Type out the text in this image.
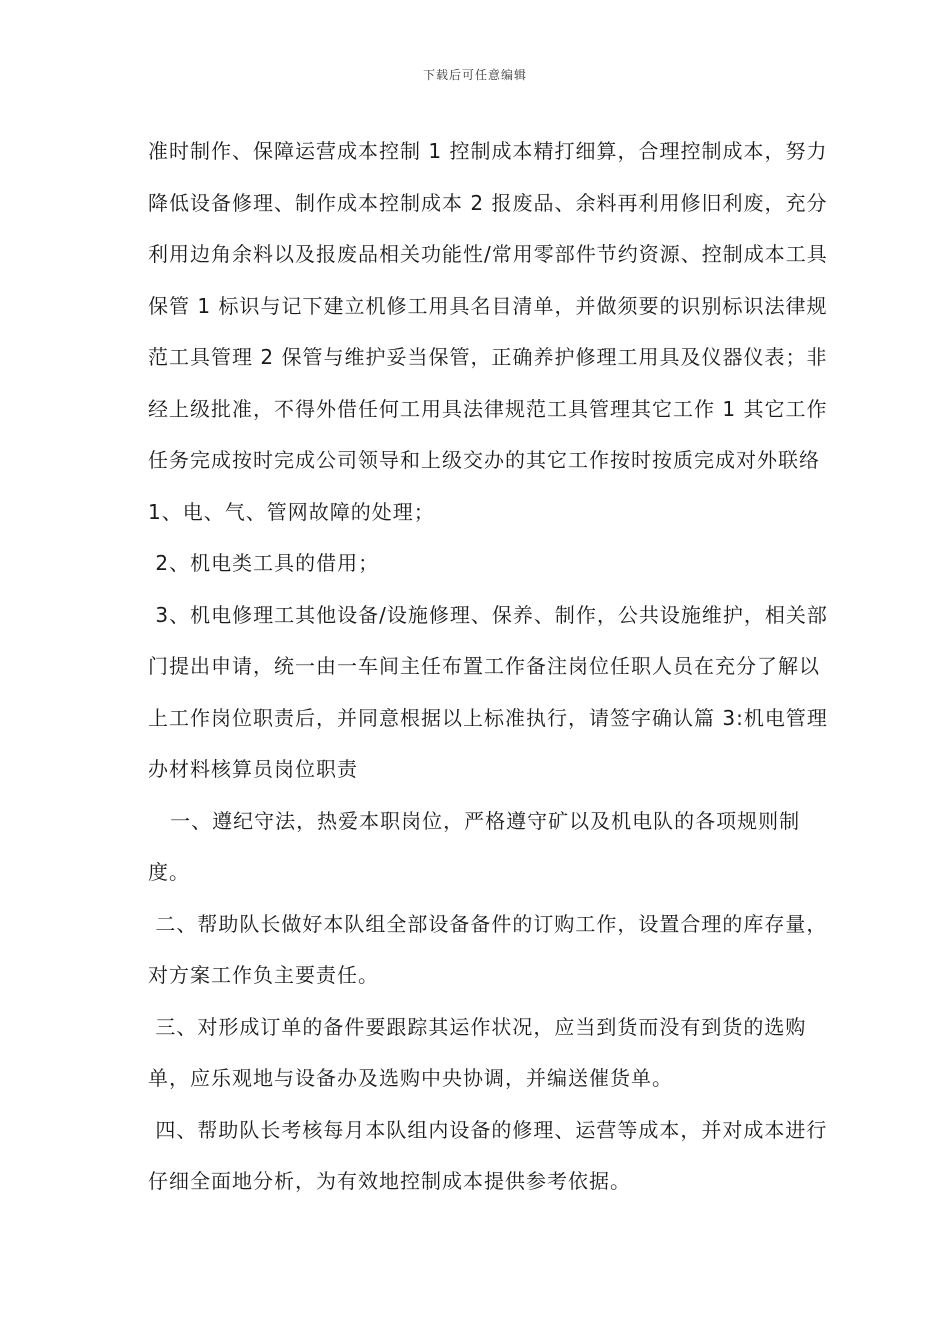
下载后可任意编辑

准时制作、保障运营成本控制 1 控制成本精打细算，合理控制成本，努力降低设备修理、制作成本控制成本 2 报废品、余料再利用修旧利废，充分利用边角余料以及报废品相关功能性/常用零部件节约资源、控制成本工具保管 1 标识与记下建立机修工用具名目清单，并做须要的识别标识法律规范工具管理 2 保管与维护妥当保管，正确养护修理工用具及仪器仪表；非经上级批准，不得外借任何工用具法律规范工具管理其它工作 1 其它工作任务完成按时完成公司领导和上级交办的其它工作按时按质完成对外联络 1、电、气、管网故障的处理；

2、机电类工具的借用；

3、机电修理工其他设备/设施修理、保养、制作，公共设施维护，相关部门提出申请，统一由一车间主任布置工作备注岗位任职人员在充分了解以上工作岗位职责后，并同意根据以上标准执行，请签字确认篇 3:机电管理办材料核算员岗位职责

一、遵纪守法，热爱本职岗位，严格遵守矿以及机电队的各项规则制度。

二、帮助队长做好本队组全部设备备件的订购工作，设置合理的库存量，对方案工作负主要责任。

三、对形成订单的备件要跟踪其运作状况，应当到货而没有到货的选购单，应乐观地与设备办及选购中央协调，并编送催货单。

四、帮助队长考核每月本队组内设备的修理、运营等成本，并对成本进行仔细全面地分析，为有效地控制成本提供参考依据。
